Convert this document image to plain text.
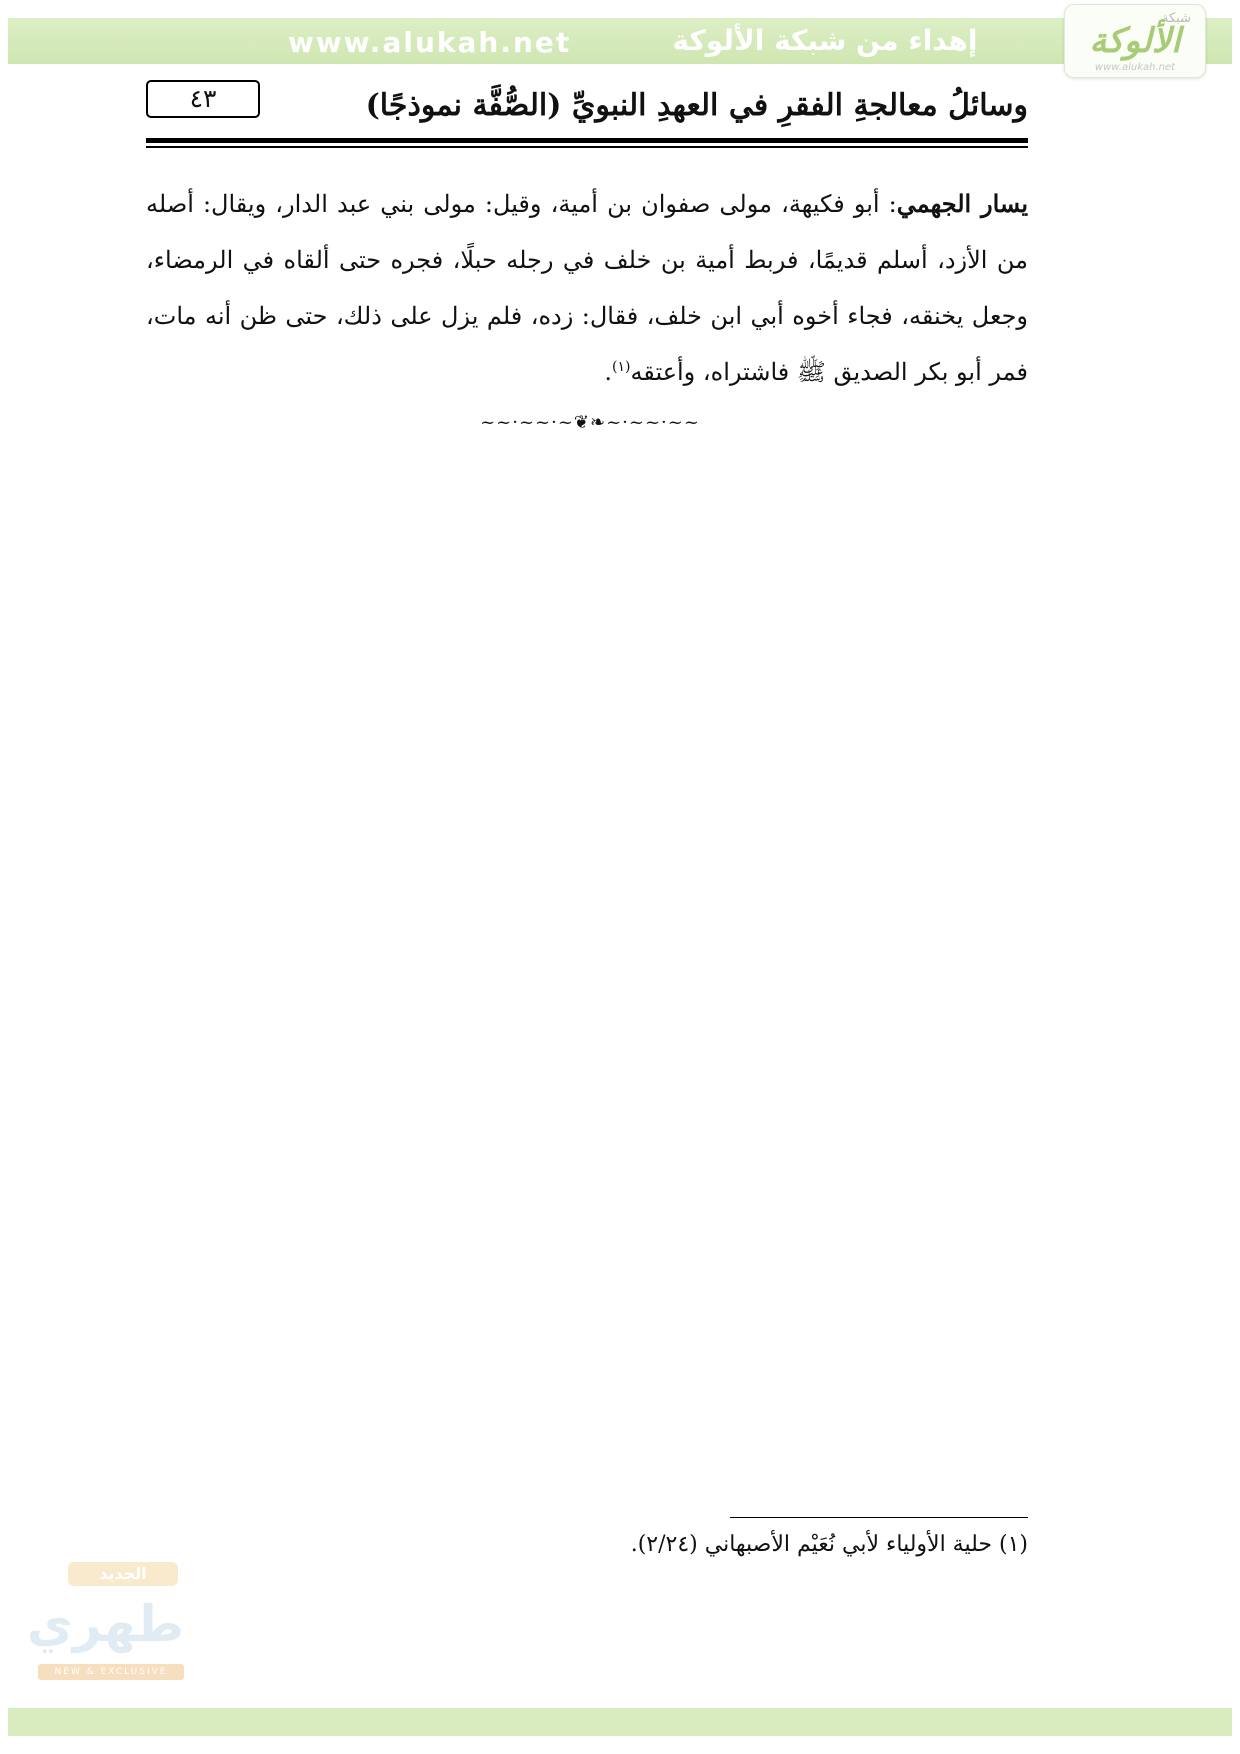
www.alukah.net	إهداء من شبكة الألوكة
شبكة
الألوكة
www.alukah.net
٤٣	وسائلُ معالجةِ الفقرِ في العهدِ النبويِّ (الصُّفَّة نموذجًا)

يسار الجهمي: أبو فكيهة، مولى صفوان بن أمية، وقيل: مولى بني عبد الدار، ويقال: أصله من الأزد، أسلم قديمًا، فربط أمية بن خلف في رجله حبلًا، فجره حتى ألقاه في الرمضاء، وجعل يخنقه، فجاء أخوه أبي ابن خلف، فقال: زده، فلم يزل على ذلك، حتى ظن أنه مات، فمر أبو بكر الصديق ﷺ فاشتراه، وأعتقه$^{(١)}$.

~~·~~·~❦❧~·~~·~~

(١) حلية الأولياء لأبي نُعَيْم الأصبهاني (٢/٢٤).

الجديد
طهري
NEW & EXCLUSIVE
